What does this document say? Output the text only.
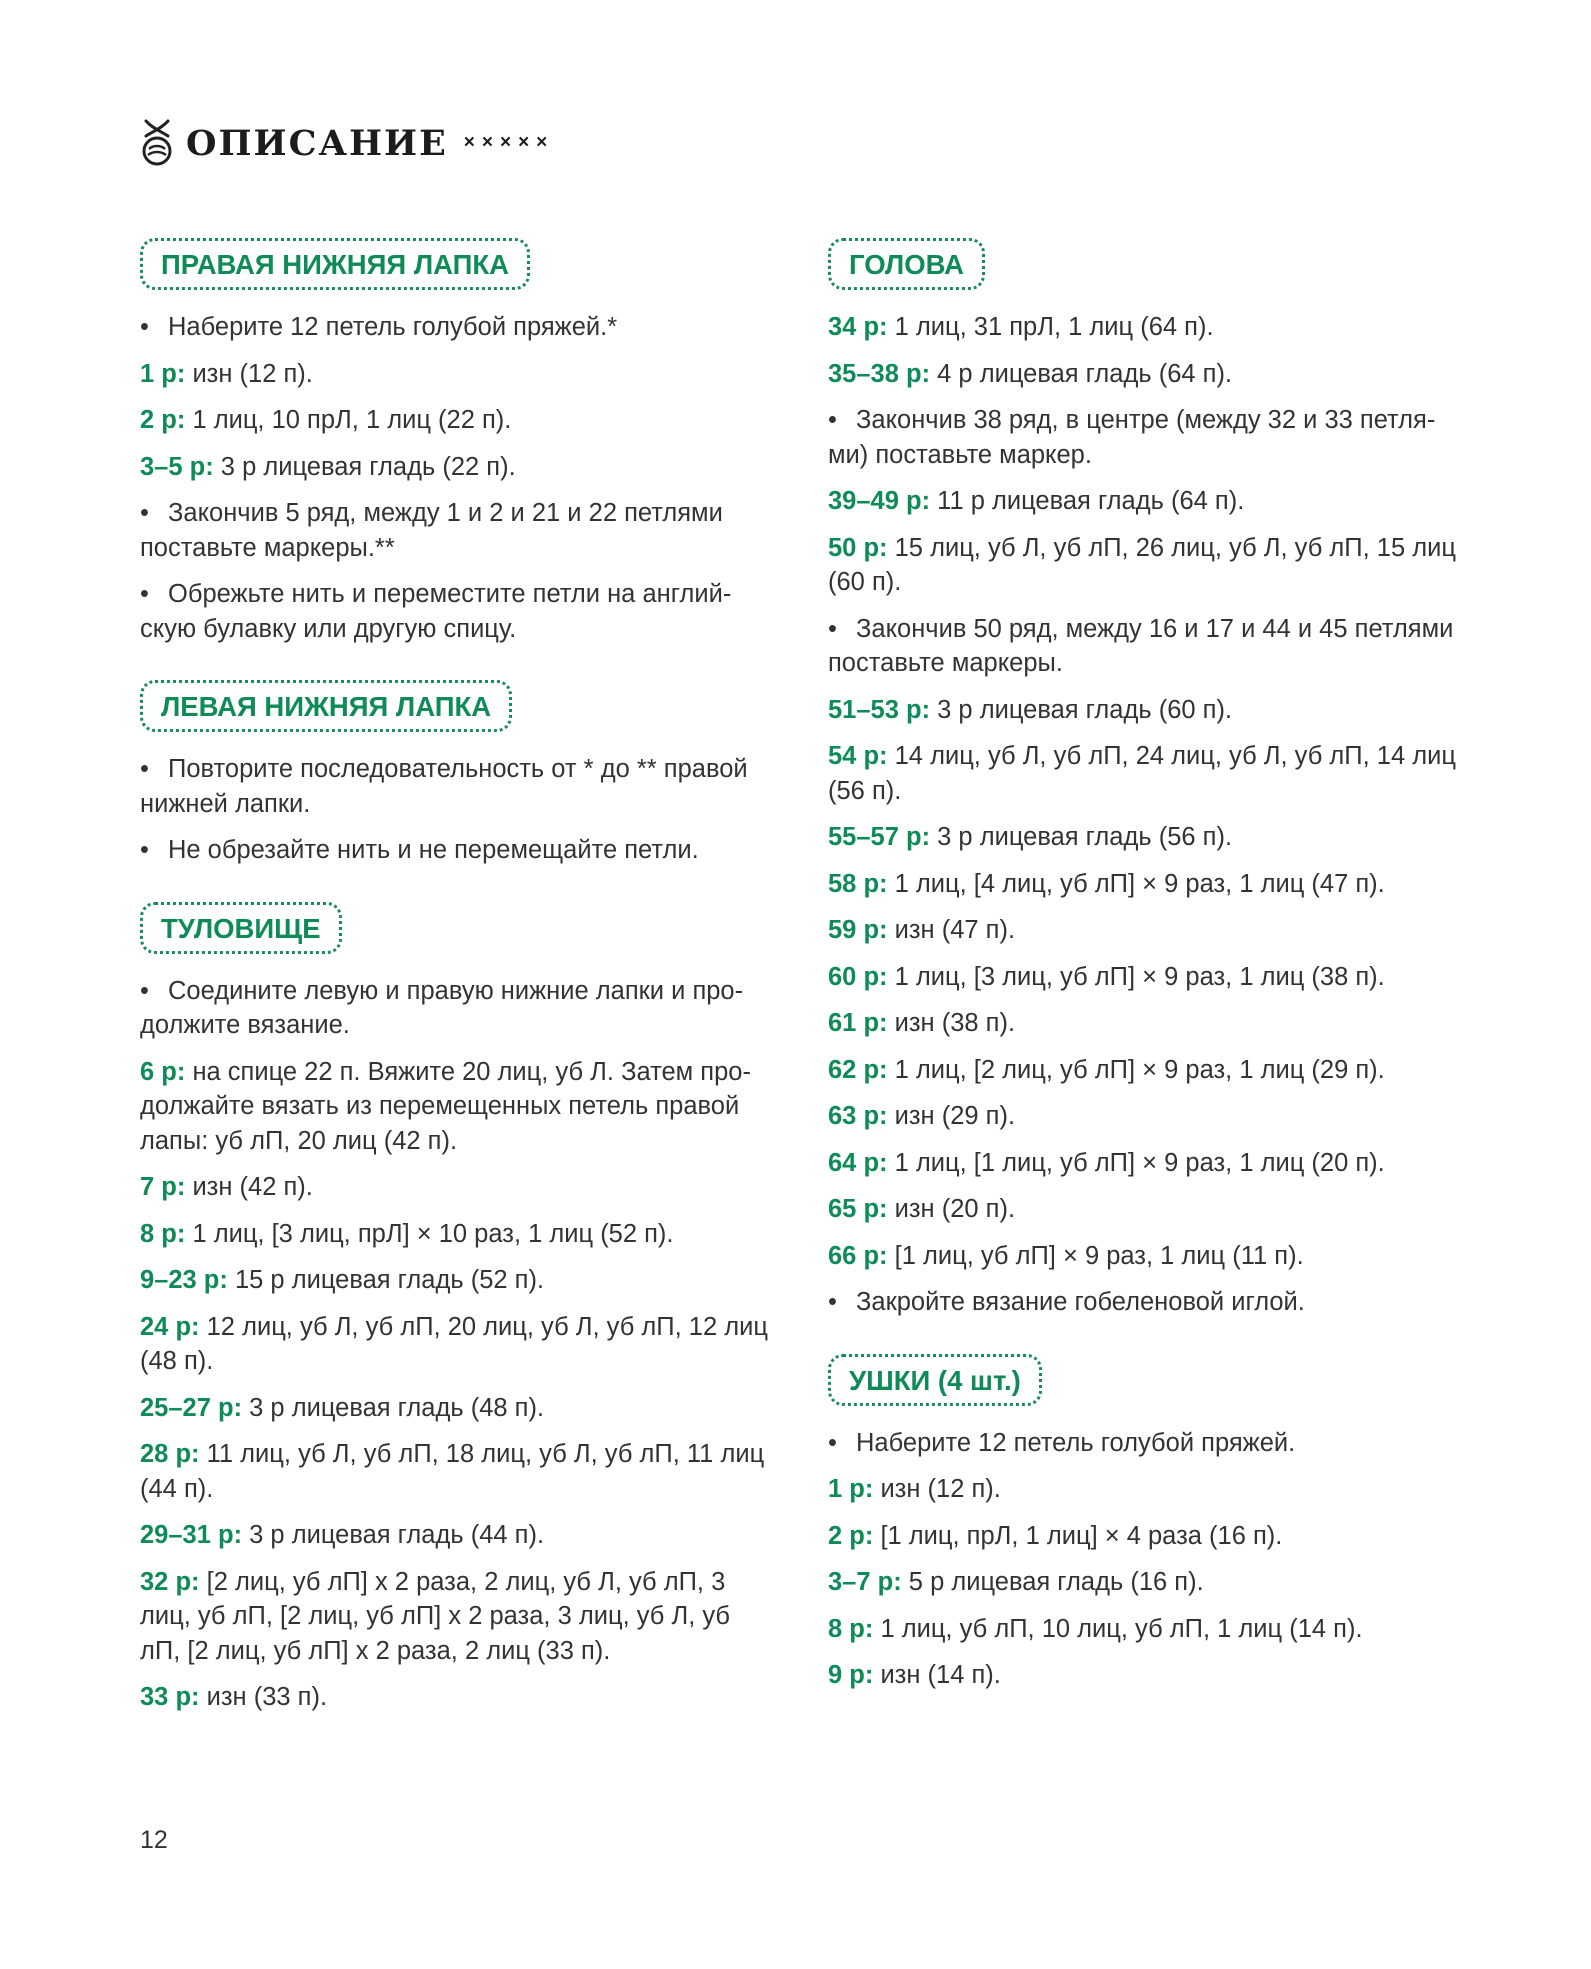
ОПИСАНИЕ ×××××
ПРАВАЯ НИЖНЯЯ ЛАПКА
• Наберите 12 петель голубой пряжей.*
1 р: изн (12 п).
2 р: 1 лиц, 10 прЛ, 1 лиц (22 п).
3–5 р: 3 р лицевая гладь (22 п).
• Закончив 5 ряд, между 1 и 2 и 21 и 22 петлями поставьте маркеры.**
• Обрежьте нить и переместите петли на англий-скую булавку или другую спицу.
ЛЕВАЯ НИЖНЯЯ ЛАПКА
• Повторите последовательность от * до ** правой нижней лапки.
• Не обрезайте нить и не перемещайте петли.
ТУЛОВИЩЕ
• Соедините левую и правую нижние лапки и про-должите вязание.
6 р: на спице 22 п. Вяжите 20 лиц, уб Л. Затем про-должайте вязать из перемещенных петель правой лапы: уб лП, 20 лиц (42 п).
7 р: изн (42 п).
8 р: 1 лиц, [3 лиц, прЛ] × 10 раз, 1 лиц (52 п).
9–23 р: 15 р лицевая гладь (52 п).
24 р: 12 лиц, уб Л, уб лП, 20 лиц, уб Л, уб лП, 12 лиц (48 п).
25–27 р: 3 р лицевая гладь (48 п).
28 р: 11 лиц, уб Л, уб лП, 18 лиц, уб Л, уб лП, 11 лиц (44 п).
29–31 р: 3 р лицевая гладь (44 п).
32 р: [2 лиц, уб лП] х 2 раза, 2 лиц, уб Л, уб лП, 3 лиц, уб лП, [2 лиц, уб лП] х 2 раза, 3 лиц, уб Л, уб лП, [2 лиц, уб лП] х 2 раза, 2 лиц (33 п).
33 р: изн (33 п).
ГОЛОВА
34 р: 1 лиц, 31 прЛ, 1 лиц (64 п).
35–38 р: 4 р лицевая гладь (64 п).
• Закончив 38 ряд, в центре (между 32 и 33 петля-ми) поставьте маркер.
39–49 р: 11 р лицевая гладь (64 п).
50 р: 15 лиц, уб Л, уб лП, 26 лиц, уб Л, уб лП, 15 лиц (60 п).
• Закончив 50 ряд, между 16 и 17 и 44 и 45 петлями поставьте маркеры.
51–53 р: 3 р лицевая гладь (60 п).
54 р: 14 лиц, уб Л, уб лП, 24 лиц, уб Л, уб лП, 14 лиц (56 п).
55–57 р: 3 р лицевая гладь (56 п).
58 р: 1 лиц, [4 лиц, уб лП] × 9 раз, 1 лиц (47 п).
59 р: изн (47 п).
60 р: 1 лиц, [3 лиц, уб лП] × 9 раз, 1 лиц (38 п).
61 р: изн (38 п).
62 р: 1 лиц, [2 лиц, уб лП] × 9 раз, 1 лиц (29 п).
63 р: изн (29 п).
64 р: 1 лиц, [1 лиц, уб лП] × 9 раз, 1 лиц (20 п).
65 р: изн (20 п).
66 р: [1 лиц, уб лП] × 9 раз, 1 лиц (11 п).
• Закройте вязание гобеленовой иглой.
УШКИ (4 шт.)
• Наберите 12 петель голубой пряжей.
1 р: изн (12 п).
2 р: [1 лиц, прЛ, 1 лиц] × 4 раза (16 п).
3–7 р: 5 р лицевая гладь (16 п).
8 р: 1 лиц, уб лП, 10 лиц, уб лП, 1 лиц (14 п).
9 р: изн (14 п).
12
